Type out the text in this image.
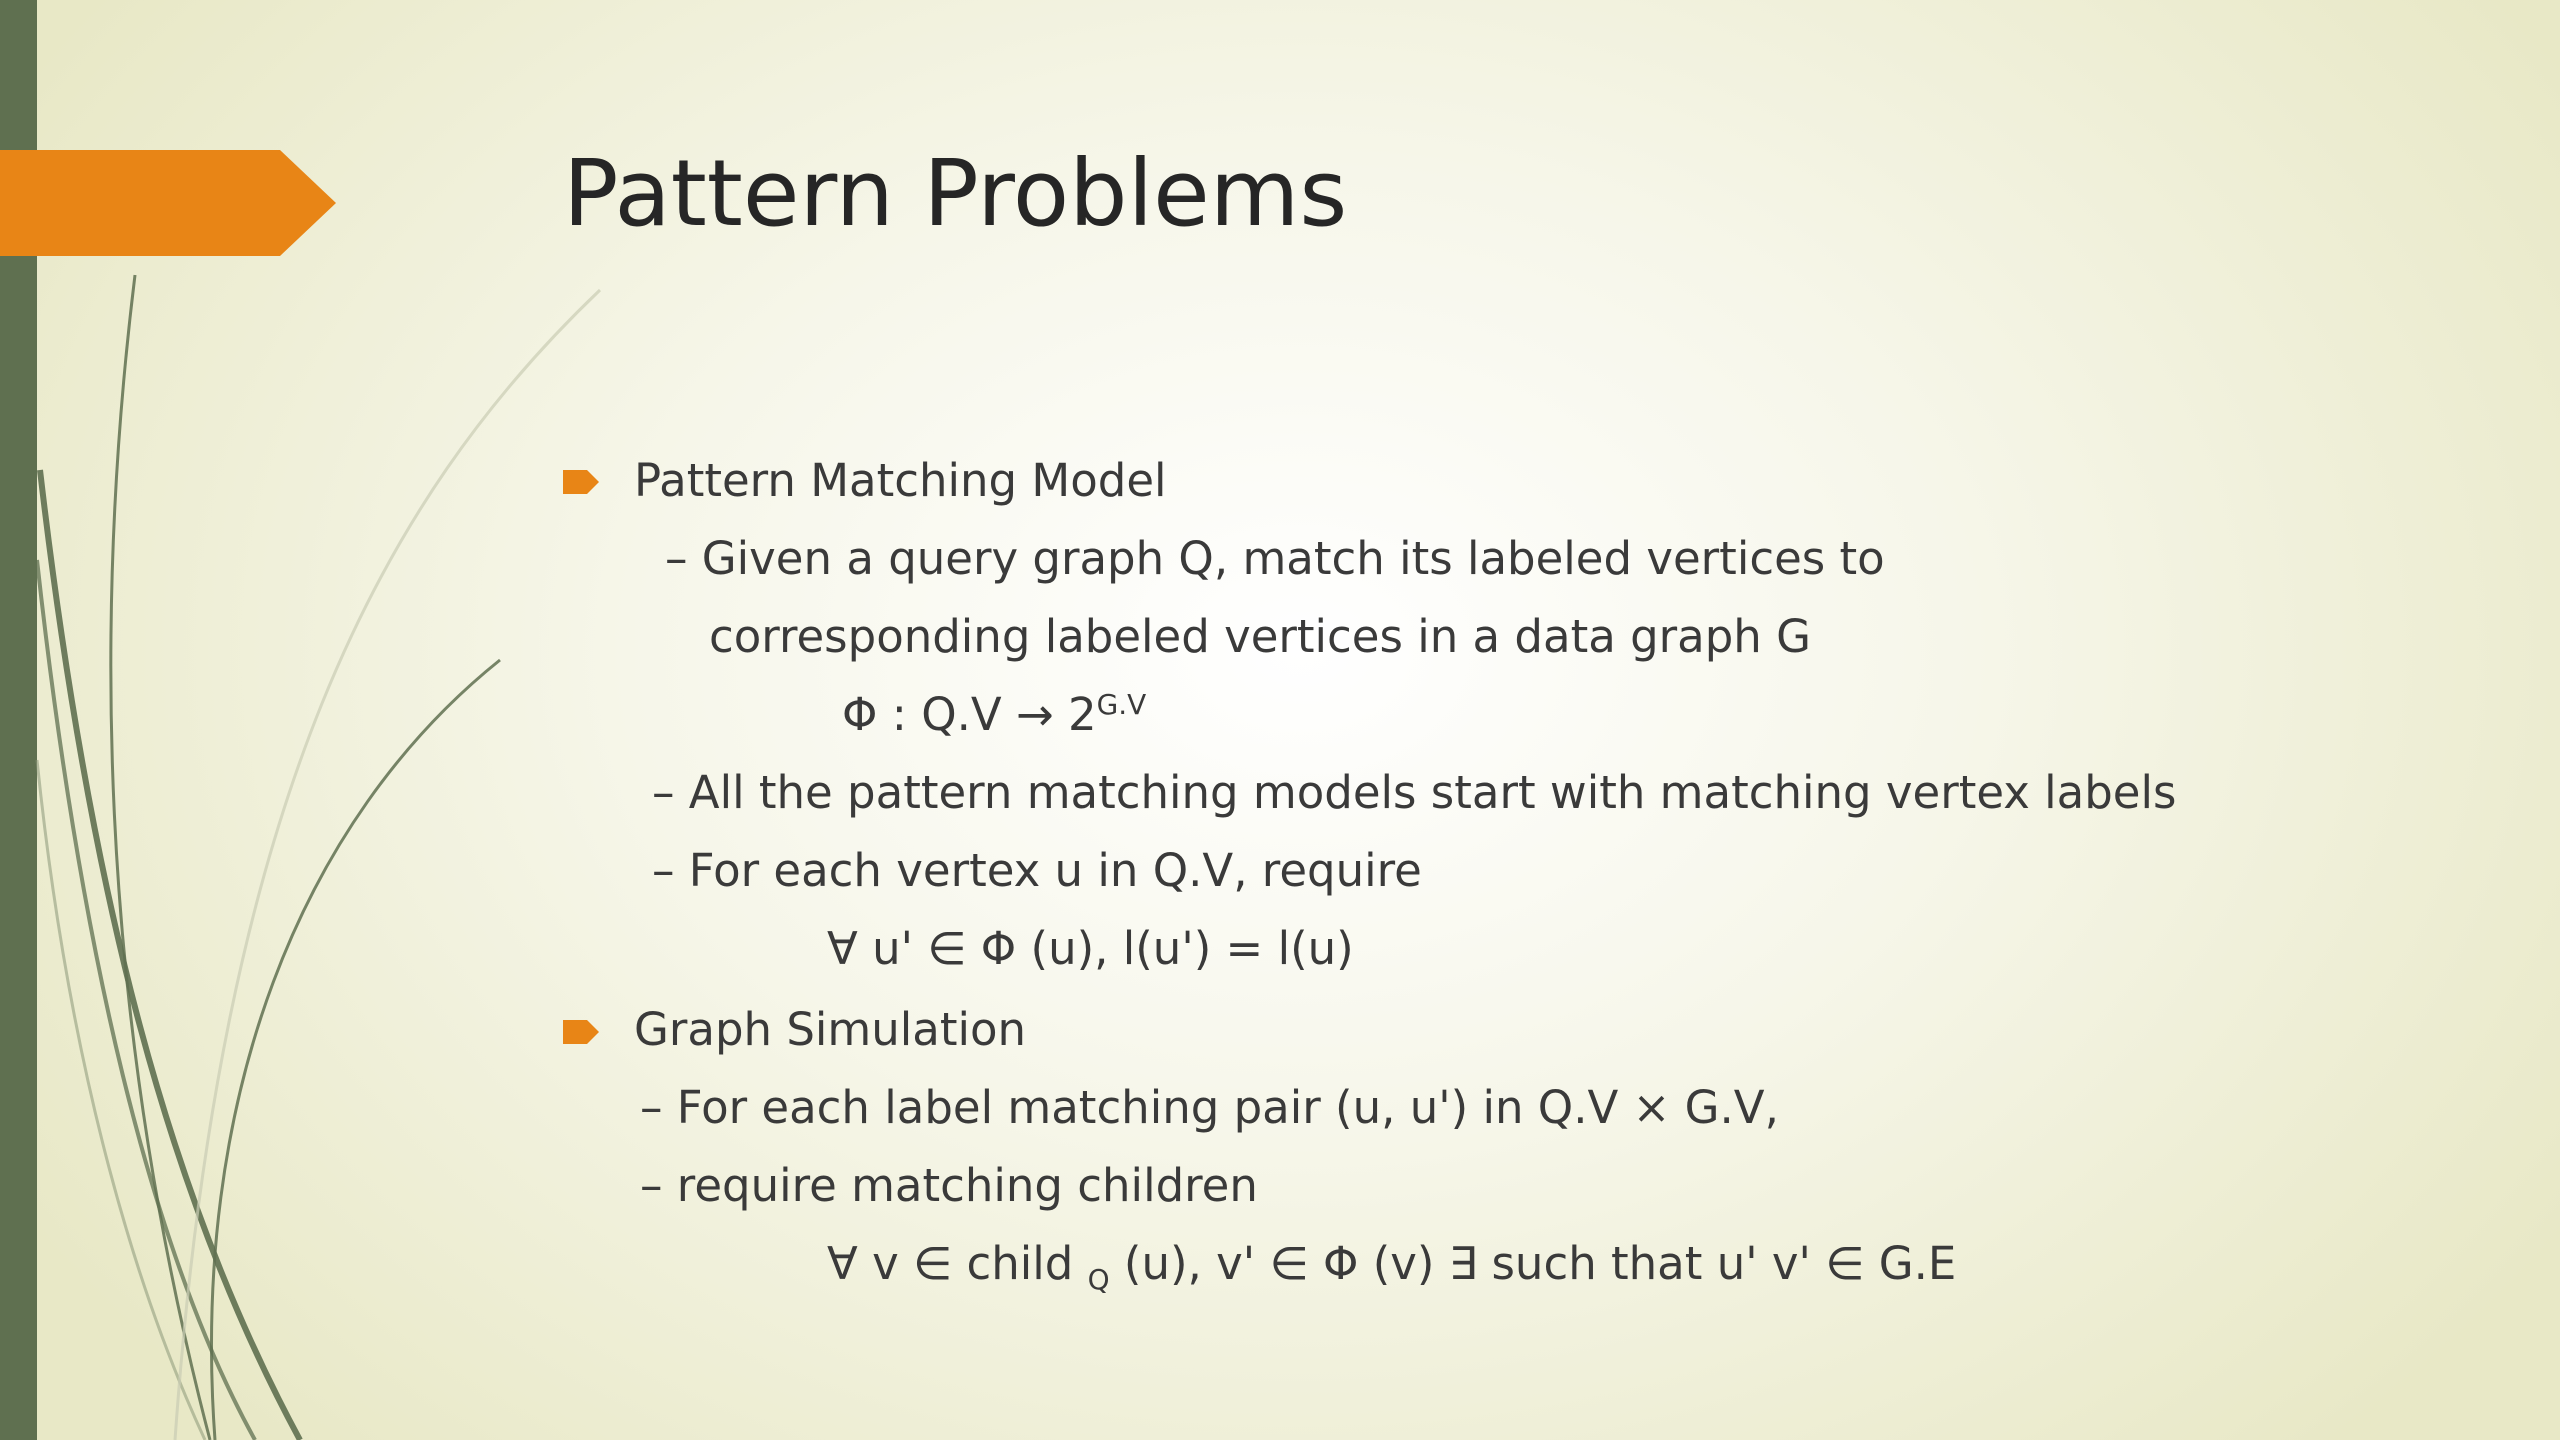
Pattern Problems
Pattern Matching Model
– Given a query graph Q, match its labeled vertices to
corresponding labeled vertices in a data graph G
Φ : $Q.V \to 2^{G.V}$
– All the pattern matching models start with matching vertex labels
– For each vertex u in Q.V, require
∀ u' ∈ Φ (u), l(u') = l(u)
Graph Simulation
– For each label matching pair (u, u') in Q.V × G.V,
– require matching children
∀ v ∈ child $_Q$ (u), v' ∈ Φ (v) ∃ such that u' v' ∈ G.E
